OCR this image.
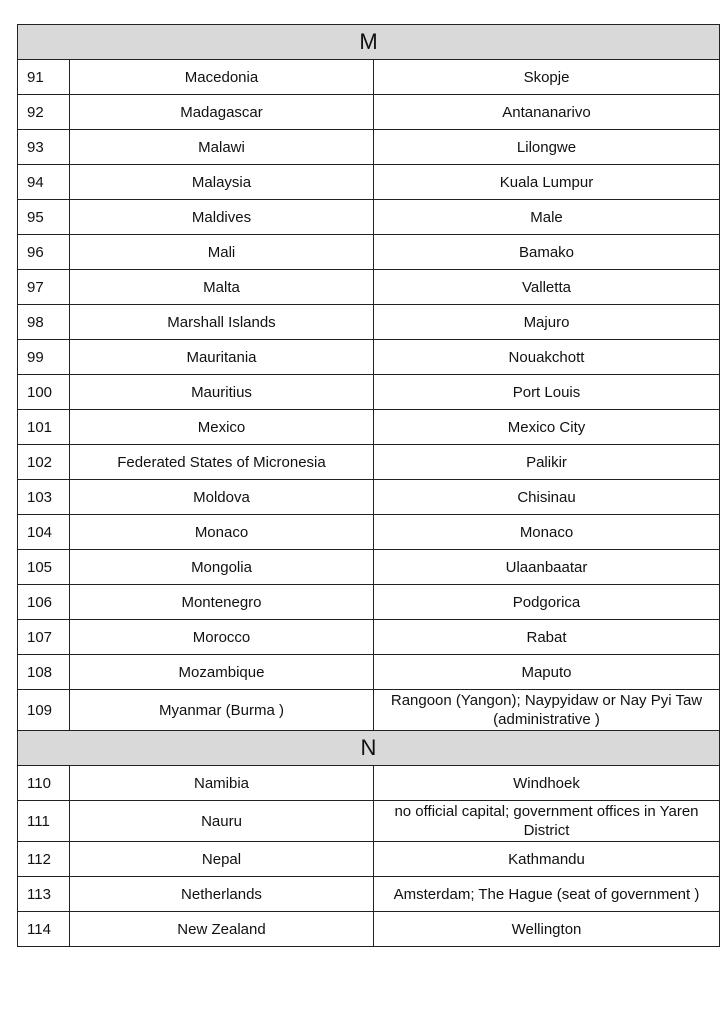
M		
91	Macedonia	Skopje
92	Madagascar	Antananarivo
93	Malawi	Lilongwe
94	Malaysia	Kuala Lumpur
95	Maldives	Male
96	Mali	Bamako
97	Malta	Valletta
98	Marshall Islands	Majuro
99	Mauritania	Nouakchott
100	Mauritius	Port Louis
101	Mexico	Mexico City
102	Federated States of Micronesia	Palikir
103	Moldova	Chisinau
104	Monaco	Monaco
105	Mongolia	Ulaanbaatar
106	Montenegro	Podgorica
107	Morocco	Rabat
108	Mozambique	Maputo
109	Myanmar (Burma )	Rangoon (Yangon); Naypyidaw or Nay Pyi Taw (administrative )
N		
110	Namibia	Windhoek
111	Nauru	no official capital; government offices in Yaren District
112	Nepal	Kathmandu
113	Netherlands	Amsterdam; The Hague (seat of government )
114	New Zealand	Wellington
